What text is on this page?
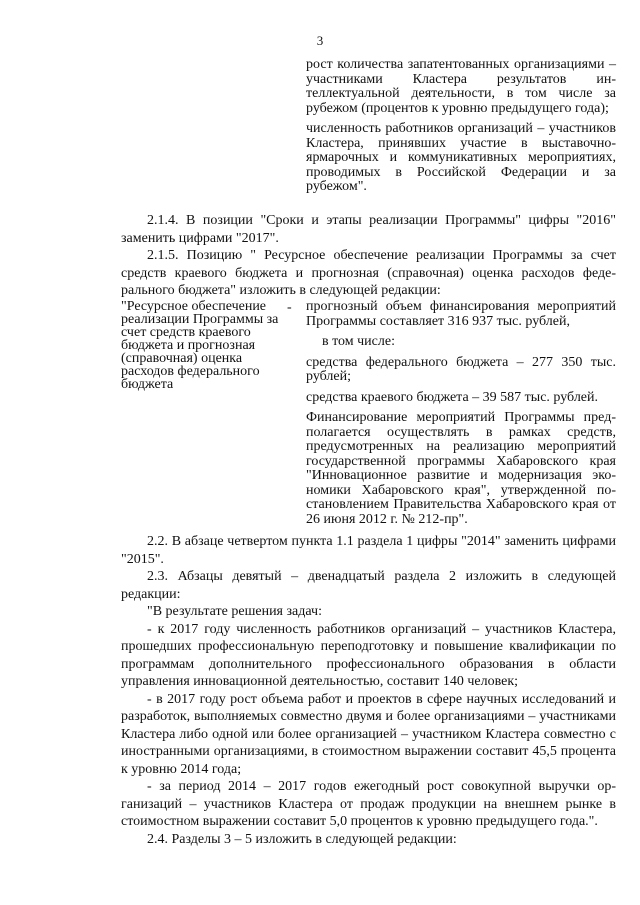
3

рост количества запатентованных организациями – участниками Кластера результатов интеллектуальной деятельности, в том числе за рубежом (процентов к уровню предыдущего года);

численность работников организаций – участников Кластера, принявших участие в выставочно-ярмарочных и коммуникативных мероприятиях, проводимых в Российской Федерации и за рубежом".

2.1.4. В позиции "Сроки и этапы реализации Программы" цифры "2016" заменить цифрами "2017".

2.1.5. Позицию " Ресурсное обеспечение реализации Программы за счет средств краевого бюджета и прогнозная (справочная) оценка расходов федерального бюджета" изложить в следующей редакции:

"Ресурсное обеспечение реализации Программы за счет средств краевого бюджета и прогнозная (справочная) оценка расходов федерального бюджета
- прогнозный объем финансирования мероприятий Программы составляет 316 937 тыс. рублей,

в том числе:

средства федерального бюджета – 277 350 тыс. рублей;

средства краевого бюджета – 39 587 тыс. рублей.

Финансирование мероприятий Программы предполагается осуществлять в рамках средств, предусмотренных на реализацию мероприятий государственной программы Хабаровского края "Инновационное развитие и модернизация экономики Хабаровского края", утвержденной постановлением Правительства Хабаровского края от 26 июня 2012 г. № 212-пр".

2.2. В абзаце четвертом пункта 1.1 раздела 1 цифры "2014" заменить цифрами "2015".

2.3. Абзацы девятый – двенадцатый раздела 2 изложить в следующей редакции:

"В результате решения задач:

- к 2017 году численность работников организаций – участников Кластера, прошедших профессиональную переподготовку и повышение квалификации по программам дополнительного профессионального образования в области управления инновационной деятельностью, составит 140 человек;

- в 2017 году рост объема работ и проектов в сфере научных исследований и разработок, выполняемых совместно двумя и более организациями – участниками Кластера либо одной или более организацией – участником Кластера совместно с иностранными организациями, в стоимостном выражении составит 45,5 процента к уровню 2014 года;

- за период 2014 – 2017 годов ежегодный рост совокупной выручки организаций – участников Кластера от продаж продукции на внешнем рынке в стоимостном выражении составит 5,0 процентов к уровню предыдущего года.".

2.4. Разделы 3 – 5 изложить в следующей редакции:
